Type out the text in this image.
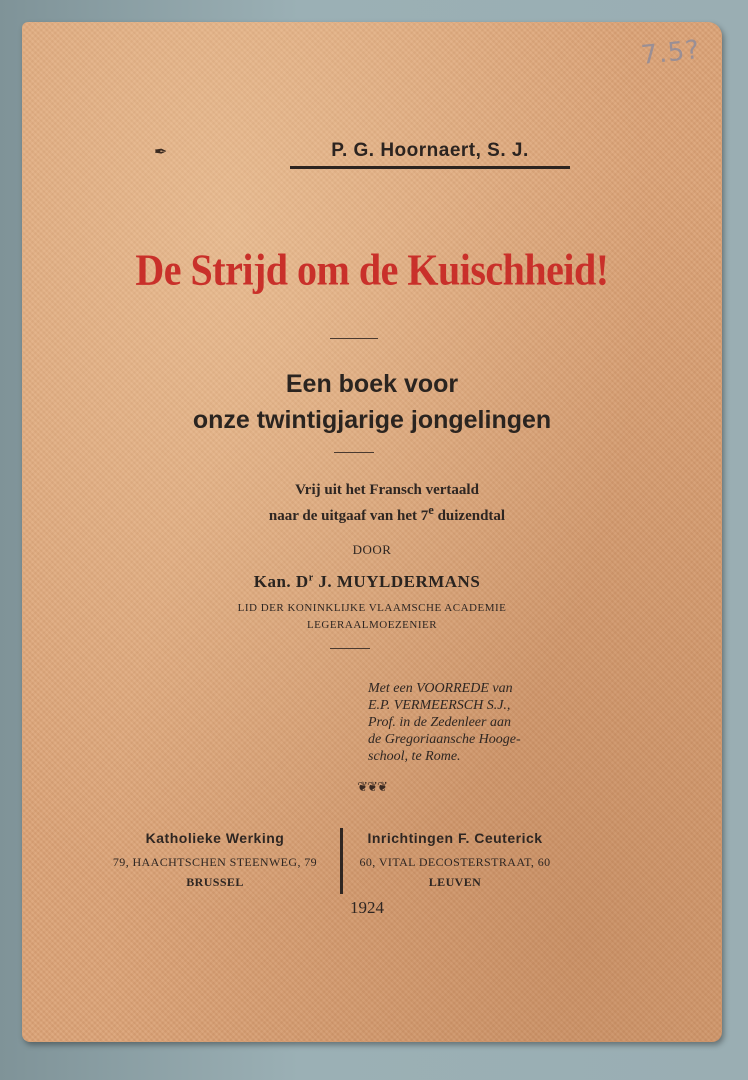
7.5?
✒	P. G. Hoornaert, S. J.
De Strijd om de Kuischheid!
Een boek voor
onze twintigjarige jongelingen
Vrij uit het Fransch vertaald
naar de uitgaaf van het 7e duizendtal
DOOR
Kan. $D^r$ J. MUYLDERMANS
LID DER KONINKLIJKE VLAAMSCHE ACADEMIE
LEGERAALMOEZENIER
Met een VOORREDE van
E.P. VERMEERSCH S.J.,
Prof. in de Zedenleer aan
de Gregoriaansche Hooge-
school, te Rome.
❦❦❦
Katholieke Werking
79, HAACHTSCHEN STEENWEG, 79
BRUSSEL
Inrichtingen F. Ceuterick
60, VITAL DECOSTERSTRAAT, 60
LEUVEN
1924
